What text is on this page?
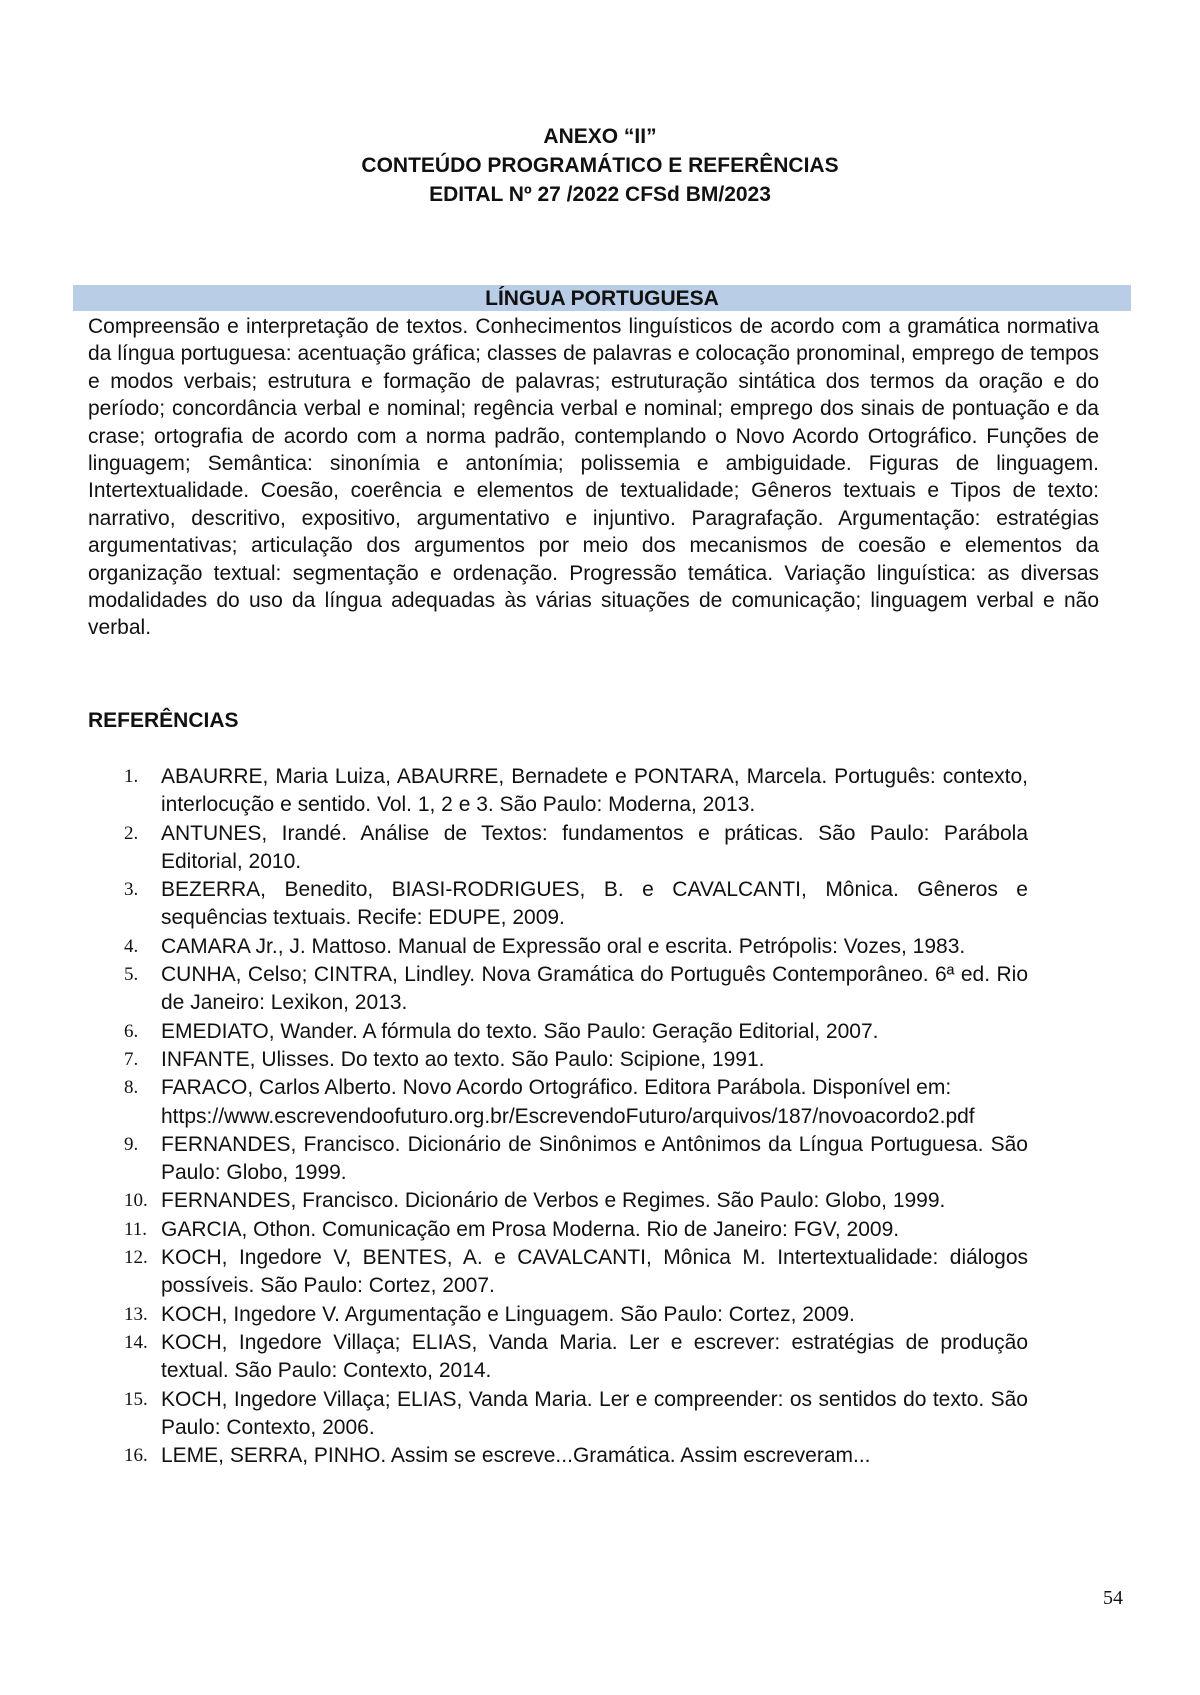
ANEXO “II”
CONTEÚDO PROGRAMÁTICO E REFERÊNCIAS
EDITAL Nº 27 /2022 CFSd BM/2023
LÍNGUA PORTUGUESA

Compreensão e interpretação de textos. Conhecimentos linguísticos de acordo com a gramática normativa da língua portuguesa: acentuação gráfica; classes de palavras e colocação pronominal, emprego de tempos e modos verbais; estrutura e formação de palavras; estruturação sintática dos termos da oração e do período; concordância verbal e nominal; regência verbal e nominal; emprego dos sinais de pontuação e da crase; ortografia de acordo com a norma padrão, contemplando o Novo Acordo Ortográfico. Funções de linguagem; Semântica: sinonímia e antonímia; polissemia e ambiguidade. Figuras de linguagem. Intertextualidade. Coesão, coerência e elementos de textualidade; Gêneros textuais e Tipos de texto: narrativo, descritivo, expositivo, argumentativo e injuntivo. Paragrafação. Argumentação: estratégias argumentativas; articulação dos argumentos por meio dos mecanismos de coesão e elementos da organização textual: segmentação e ordenação. Progressão temática. Variação linguística: as diversas modalidades do uso da língua adequadas às várias situações de comunicação; linguagem verbal e não verbal.

REFERÊNCIAS
1. ABAURRE, Maria Luiza, ABAURRE, Bernadete e PONTARA, Marcela. Português: contexto, interlocução e sentido. Vol. 1, 2 e 3. São Paulo: Moderna, 2013.
2. ANTUNES, Irandé. Análise de Textos: fundamentos e práticas. São Paulo: Parábola Editorial, 2010.
3. BEZERRA, Benedito, BIASI-RODRIGUES, B. e CAVALCANTI, Mônica. Gêneros e sequências textuais. Recife: EDUPE, 2009.
4. CAMARA Jr., J. Mattoso. Manual de Expressão oral e escrita. Petrópolis: Vozes, 1983.
5. CUNHA, Celso; CINTRA, Lindley. Nova Gramática do Português Contemporâneo. 6ª ed. Rio de Janeiro: Lexikon, 2013.
6. EMEDIATO, Wander. A fórmula do texto. São Paulo: Geração Editorial, 2007.
7. INFANTE, Ulisses. Do texto ao texto. São Paulo: Scipione, 1991.
8. FARACO, Carlos Alberto. Novo Acordo Ortográfico. Editora Parábola. Disponível em:
https://www.escrevendoofuturo.org.br/EscrevendoFuturo/arquivos/187/novoacordo2.pdf
9. FERNANDES, Francisco. Dicionário de Sinônimos e Antônimos da Língua Portuguesa. São Paulo: Globo, 1999.
10. FERNANDES, Francisco. Dicionário de Verbos e Regimes. São Paulo: Globo, 1999.
11. GARCIA, Othon. Comunicação em Prosa Moderna. Rio de Janeiro: FGV, 2009.
12. KOCH, Ingedore V, BENTES, A. e CAVALCANTI, Mônica M. Intertextualidade: diálogos possíveis. São Paulo: Cortez, 2007.
13. KOCH, Ingedore V. Argumentação e Linguagem. São Paulo: Cortez, 2009.
14. KOCH, Ingedore Villaça; ELIAS, Vanda Maria. Ler e escrever: estratégias de produção textual. São Paulo: Contexto, 2014.
15. KOCH, Ingedore Villaça; ELIAS, Vanda Maria. Ler e compreender: os sentidos do texto. São Paulo: Contexto, 2006.
16. LEME, SERRA, PINHO. Assim se escreve...Gramática. Assim escreveram...
54
